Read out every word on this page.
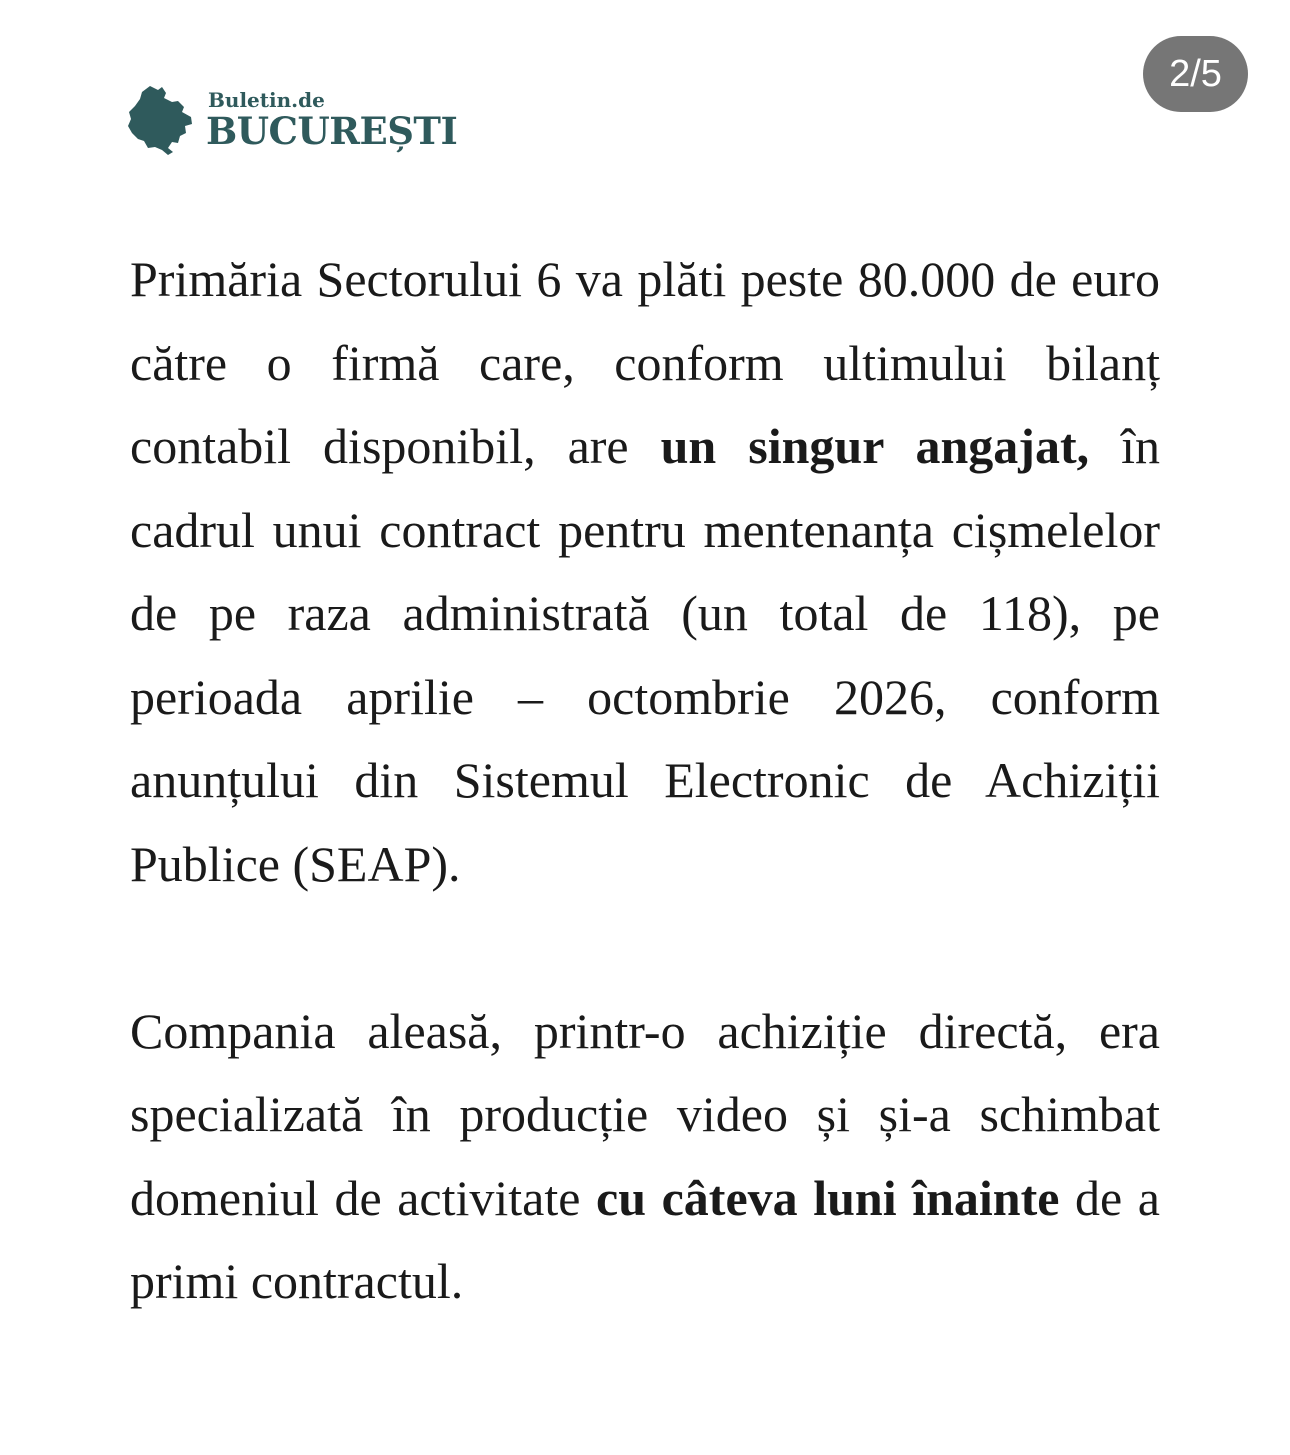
Buletin.de
BUCUREȘTI
2/5

Primăria Sectorului 6 va plăti peste 80.000 de euro către o firmă care, conform ultimului bilanț contabil disponibil, are un singur angajat, în cadrul unui contract pentru mentenanța cișmelelor de pe raza administrată (un total de 118), pe perioada aprilie – octombrie 2026, conform anunțului din Sistemul Electronic de Achiziții Publice (SEAP).

Compania aleasă, printr-o achiziție directă, era specializată în producție video și și-a schimbat domeniul de activitate cu câteva luni înainte de a primi contractul.
